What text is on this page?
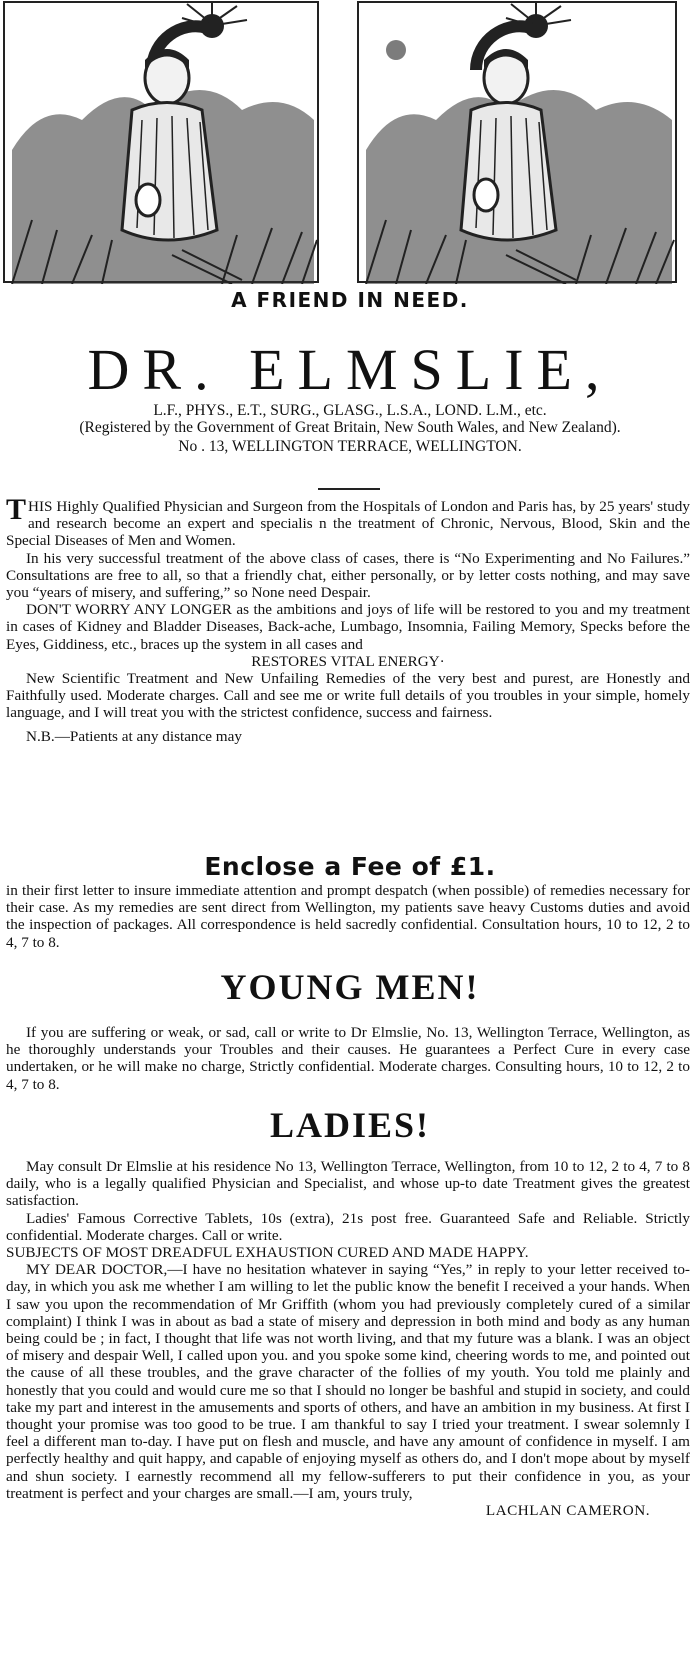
A FRIEND IN NEED.
DR. ELMSLIE,
L.F., PHYS., E.T., SURG., GLASG., L.S.A., LOND. L.M., etc.
(Registered by the Government of Great Britain, New South Wales, and New Zealand).
No . 13, WELLINGTON TERRACE, WELLINGTON.

THIS Highly Qualified Physician and Surgeon from the Hospitals of London and Paris has, by 25 years' study and research become an expert and specialis n the treatment of Chronic, Nervous, Blood, Skin and the Special Diseases of Men and Women.

In his very successful treatment of the above class of cases, there is “No Experimenting and No Failures.” Consultations are free to all, so that a friendly chat, either personally, or by letter costs nothing, and may save you “years of misery, and suffering,” so None need Despair.

DON'T WORRY ANY LONGER as the ambitions and joys of life will be restored to you and my treatment in cases of Kidney and Bladder Diseases, Back-ache, Lumbago, Insomnia, Failing Memory, Specks before the Eyes, Giddiness, etc., braces up the system in all cases and

RESTORES VITAL ENERGY·

New Scientific Treatment and New Unfailing Remedies of the very best and purest, are Honestly and Faithfully used. Moderate charges. Call and see me or write full details of you troubles in your simple, homely language, and I will treat you with the strictest confidence, success and fairness.

N.B.—Patients at any distance may

Enclose a Fee of £1.
in their first letter to insure immediate attention and prompt despatch (when possible) of remedies necessary for their case. As my remedies are sent direct from Wellington, my patients save heavy Customs duties and avoid the inspection of packages. All correspondence is held sacredly confidential. Consultation hours, 10 to 12, 2 to 4, 7 to 8.
YOUNG MEN!
If you are suffering or weak, or sad, call or write to Dr Elmslie, No. 13, Wellington Terrace, Wellington, as he thoroughly understands your Troubles and their causes. He guarantees a Perfect Cure in every case undertaken, or he will make no charge, Strictly confidential. Moderate charges. Consulting hours, 10 to 12, 2 to 4, 7 to 8.
LADIES!

May consult Dr Elmslie at his residence No 13, Wellington Terrace, Wellington, from 10 to 12, 2 to 4, 7 to 8 daily, who is a legally qualified Physician and Specialist, and whose up-to date Treatment gives the greatest satisfaction.

Ladies' Famous Corrective Tablets, 10s (extra), 21s post free. Guaranteed Safe and Reliable. Strictly confidential. Moderate charges. Call or write.

SUBJECTS OF MOST DREADFUL EXHAUSTION CURED AND MADE HAPPY.

MY DEAR DOCTOR,—I have no hesitation whatever in saying “Yes,” in reply to your letter received to-day, in which you ask me whether I am willing to let the public know the benefit I received a your hands. When I saw you upon the recommendation of Mr Griffith (whom you had previously completely cured of a similar complaint) I think I was in about as bad a state of misery and depression in both mind and body as any human being could be ; in fact, I thought that life was not worth living, and that my future was a blank. I was an object of misery and despair Well, I called upon you. and you spoke some kind, cheering words to me, and pointed out the cause of all these troubles, and the grave character of the follies of my youth. You told me plainly and honestly that you could and would cure me so that I should no longer be bashful and stupid in society, and could take my part and interest in the amusements and sports of others, and have an ambition in my business. At first I thought your promise was too good to be true. I am thankful to say I tried your treatment. I swear solemnly I feel a different man to-day. I have put on flesh and muscle, and have any amount of confidence in myself. I am perfectly healthy and quit happy, and capable of enjoying myself as others do, and I don't mope about by myself and shun society. I earnestly recommend all my fellow-sufferers to put their confidence in you, as your treatment is perfect and your charges are small.—I am, yours truly,

LACHLAN CAMERON.
